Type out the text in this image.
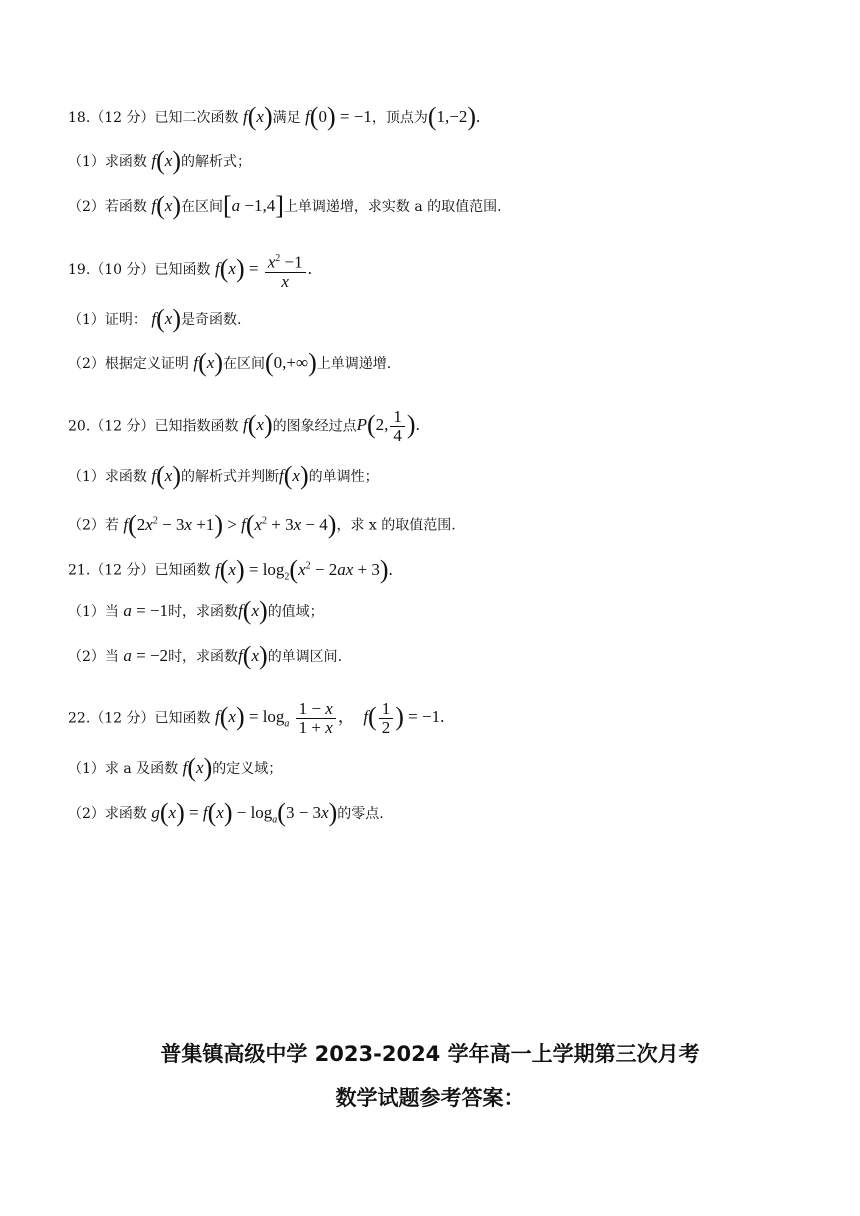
18.（12 分）已知二次函数 f(x)满足 f(0) = −1，顶点为(1,−2).
（1）求函数 f(x)的解析式；
（2）若函数 f(x)在区间[a −1,4]上单调递增，求实数 a 的取值范围.
19.（10 分）已知函数 $f(x) = \frac{x^2 -1}{x}$ .
（1）证明： f(x)是奇函数.
（2）根据定义证明 f(x)在区间(0,+∞)上单调递增.
20.（12 分）已知指数函数 f(x)的图象经过点P(2, $\frac{1}{4}$ ).
（1）求函数 f(x)的解析式并判断f(x)的单调性；
（2）若 $f(2x^2 - 3x +1) > f(x^2 + 3x - 4)$，求 x 的取值范围.
21.（12 分）已知函数 $f(x) = \log_2(x^2 - 2ax + 3)$.
（1）当 a = −1时，求函数f(x)的值域；
（2）当 a = −2时，求函数f(x)的单调区间.
22.（12 分）已知函数 $f(x) = \log_a \frac{1 - x}{1 + x}$ ，  $f( \frac{1}{2}$ ) = −1.
（1）求 a 及函数 f(x)的定义域；
（2）求函数 $g(x) = f(x) - \log_a(3 - 3x)$的零点.
普集镇高级中学 2023-2024 学年高一上学期第三次月考
数学试题参考答案：
